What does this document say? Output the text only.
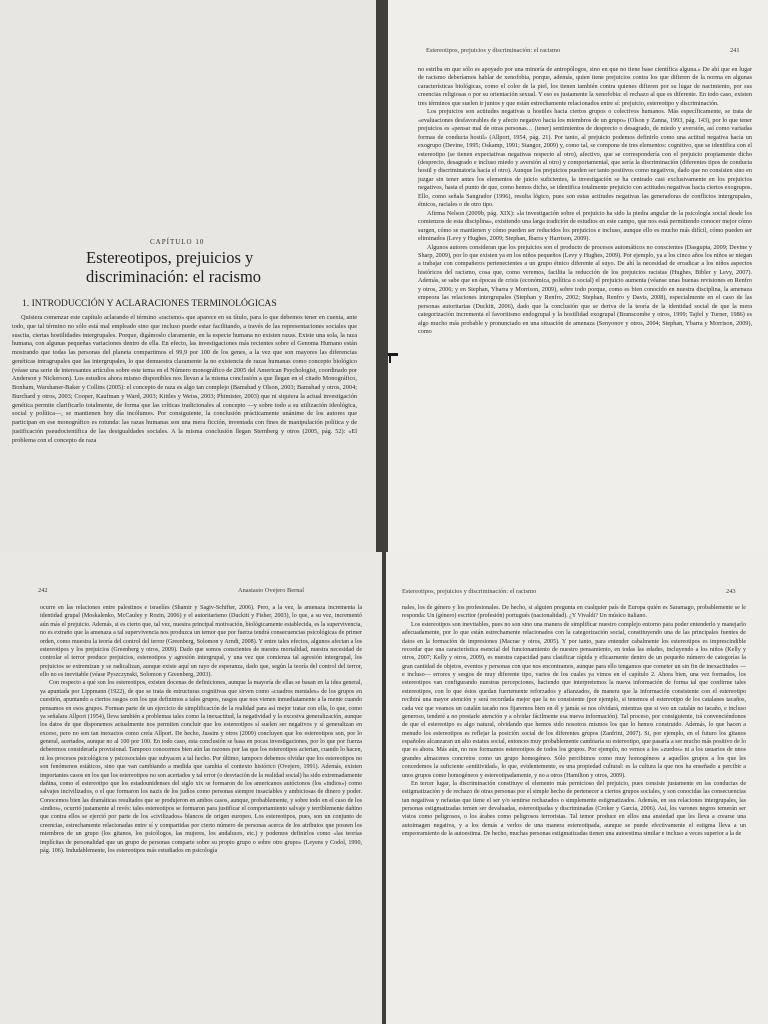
CAPÍTULO 10
Estereotipos, prejuicios y discriminación: el racismo
1. INTRODUCCIÓN Y ACLARACIONES TERMINOLÓGICAS

Quisiera comenzar este capítulo aclarando el término «racismo» que aparece en su título, para lo que debemos tener en cuenta, ante todo, que tal término no sólo está mal empleado sino que incluso puede estar facilitando, a través de las representaciones sociales que suscita, ciertas hostilidades intergrupales. Porque, digámoslo claramente, en la especie humana no existen razas. Existe una sola, la raza humana, con algunas pequeñas variaciones dentro de ella. En efecto, las investigaciones más recientes sobre el Genoma Humano están mostrando que todas las personas del planeta compartimos el 99,9 por 100 de los genes, a la vez que son mayores las diferencias genéticas intragrupales que las intergrupales, lo que demuestra claramente la no existencia de razas humanas como concepto biológico (véase una serie de interesantes artículos sobre este tema en el Número monográfico de 2005 del American Psychologist, coordinado por Anderson y Nickerson). Los estudios ahora mismo disponibles nos llevan a la misma conclusión a que llegan en el citado Monográfico, Bonham, Warshaner-Baker y Collins (2005): el concepto de raza es algo tan complejo (Bamshad y Olson, 2003; Bamshad y otros, 2004; Burchard y otros, 2003; Cooper, Kaufman y Ward, 2003; Kittles y Weiss, 2003; Phimister, 2003) que ni siquiera la actual investigación genética permite clarificarlo totalmente, de forma que las críticas tradicionales al concepto —y sobre todo a su utilización ideológica, social y política—, se mantienen hoy día incólumes. Por consiguiente, la conclusión prácticamente unánime de los autores que participan en ese monográfico es rotunda: las razas humanas son una mera ficción, inventada con fines de manipulación política y de justificación pseudocientífica de las desigualdades sociales. A la misma conclusión llegan Sternberg y otros (2005, pág. 52): «El problema con el concepto de raza

Estereotipos, prejuicios y discriminación: el racismo	241

no estriba en que sólo es apoyado por una minoría de antropólogos, sino en que no tiene base científica alguna.» De ahí que en lugar de racismo deberíamos hablar de xenofobia, porque, además, quien tiene prejuicios contra los que difieren de la norma en algunas características biológicas, como el color de la piel, los tienen también contra quienes difieren por su lugar de nacimiento, por sus creencias religiosas o por su orientación sexual. Y eso es justamente la xenofobia: el rechazo al que es diferente. En todo caso, existen tres términos que suelen ir juntos y que están estrechamente relacionados entre sí: prejuicio, estereotipo y discriminación.

Los prejuicios son actitudes negativas u hostiles hacia ciertos grupos o colectivos humanos. Más específicamente, se trata de «evaluaciones desfavorables de y afecto negativo hacia los miembros de un grupo» (Olson y Zanna, 1993, pág. 143), por lo que tener prejuicios es «pensar mal de otras personas… (tener) sentimientos de desprecio o desagrado, de miedo y aversión, así como variadas formas de conducta hostil» (Allport, 1954, pág. 21). Por tanto, al prejuicio podemos definirlo como una actitud negativa hacia un exogrupo (Devine, 1995; Oskamp, 1991; Stangor, 2009) y, como tal, se compone de tres elementos: cognitivo, que se identifica con el estereotipo (se tienen expectativas negativas respecto al otro), afectivo, que se correspondería con el prejuicio propiamente dicho (desprecio, desagrado e incluso miedo y aversión al otro) y comportamental, que sería la discriminación (diferentes tipos de conducta hostil y discriminatoria hacia el otro). Aunque los prejuicios pueden ser tanto positivos como negativos, dado que no consisten sino en juzgar sin tener antes los elementos de juicio suficientes, la investigación se ha centrado casi exclusivamente en los prejuicios negativos, hasta el punto de que, como hemos dicho, se identifica totalmente prejuicio con actitudes negativas hacia ciertos exogrupos. Ello, como señala Sangrador (1996), resulta lógico, pues son estas actitudes negativas las generadoras de conflictos intergrupales, étnicos, raciales o de otro tipo.

Afirma Nelson (2009b, pág. XIX): «la investigación sobre el prejuicio ha sido la piedra angular de la psicología social desde los comienzos de esta disciplina», existiendo una larga tradición de estudios en este campo, que nos está permitiendo conocer mejor cómo surgen, cómo se mantienen y cómo pueden ser reducidos los prejuicios e incluso, aunque ello es mucho más difícil, cómo pueden ser eliminados (Levy y Hughes, 2009; Stephan, Ibarra y Harrison, 2009).

Algunos autores consideran que los prejuicios son el producto de procesos automáticos no conscientes (Dasgupta, 2009; Devine y Sharp, 2009), por lo que existen ya en los niños pequeños (Levy y Hughes, 2009). Por ejemplo, ya a los cinco años los niños se niegan a trabajar con compañeros pertenecientes a un grupo étnico diferente al suyo. De ahí la necesidad de erradicar a los niños aspectos históricos del racismo, cosa que, como veremos, facilita la reducción de los prejuicios racistas (Hughes, Bibler y Levy, 2007). Además, se sabe que en épocas de crisis (económica, política o social) el prejuicio aumenta (véanse unas buenas revisiones en Renfro y otros, 2006; y en Stephan, Ybarra y Morrison, 2009), sobre todo porque, como es bien conocido en nuestra disciplina, la amenaza empeora las relaciones intergrupales (Stephan y Renfro, 2002; Stephan, Renfro y Davis, 2008), especialmente en el caso de las personas autoritarias (Duckitt, 2006), dado que la conclusión que se deriva de la teoría de la identidad social de que la mera categorización incrementa el favoritismo endogrupal y la hostilidad exogrupal (Branscombe y otros, 1999; Tajfel y Turner, 1986) es algo mucho más probable y pronunciado en una situación de amenaza (Senyonov y otros, 2004; Stephan, Ybarra y Morrison, 2009), como

242	Anastasio Ovejero Bernal

ocurre en las relaciones entre palestinos e israelíes (Shamir y Sagiv-Schifter, 2006). Pero, a la vez, la amenaza incrementa la identidad grupal (Moskalenko, McCauley y Rozin, 2006) y el autoritarismo (Duckitt y Fisher, 2003), lo que, a su vez, incrementó aún más el prejuicio. Además, si es cierto que, tal vez, nuestra principal motivación, biológicamente establecida, es la supervivencia, no es extraño que la amenaza a tal supervivencia nos produzca un temor que por fuerza tendrá consecuencias psicológicas de primer orden, como muestra la teoría del control del terror (Greenberg, Solomon y Arndt, 2008). Y entre tales efectos, algunos afectan a los estereotipos y los prejuicios (Greenberg y otros, 2009). Dado que somos conscientes de nuestra mortalidad, nuestra necesidad de controlar el terror produce prejuicios, estereotipos y agresión intergrupal, y una vez que comienza tal agresión intergrupal, los prejuicios se extremizan y se radicalizan, aunque existe aquí un rayo de esperanza, dado que, según la teoría del control del terror, ello no es inevitable (véase Pyszczynski, Solomon y Greenberg, 2003).

Con respecto a qué son los estereotipos, existen docenas de definiciones, aunque la mayoría de ellas se basan en la idea general, ya apuntada por Lippmann (1922), de que se trata de estructuras cognitivas que sirven como «cuadros mentales» de los grupos en cuestión, apuntando a ciertos rasgos con los que definimos a tales grupos, rasgos que nos vienen inmediatamente a la mente cuando pensamos en esos grupos. Forman parte de un ejercicio de simplificación de la realidad para así mejor tratar con ella, lo que, como ya señalara Allport (1954), lleva también a problemas tales como la inexactitud, la negatividad y la excesiva generalización, aunque los datos de que disponemos actualmente nos permiten concluir que los estereotipos sí suelen ser negativos y sí generalizan en exceso, pero no son tan inexactos como creía Allport. De hecho, Jussim y otros (2009) concluyen que los estereotipos son, por lo general, acertados, aunque no al 100 por 100. En todo caso, esta conclusión se basa en pocas investigaciones, por lo que por fuerza deberemos considerarla provisional. Tampoco conocemos bien aún las razones por las que los estereotipos aciertan, cuando lo hacen, ni los procesos psicológicos y psicosociales que subyacen a tal hecho. Por último, tampoco debemos olvidar que los estereotipos no son fenómenos estáticos, sino que van cambiando a medida que cambia el contexto histórico (Ovejero, 1991). Además, existen importantes casos en los que los estereotipos no son acertados y tal error (o desviación de la realidad social) ha sido extremadamente dañina, como el estereotipo que los estadounidenses del siglo xix se formaron de los americanos autóctonos (los «indios») como salvajes incivilizados, o el que formaron los nazis de los judíos como personas siempre insaciables y ambiciosas de dinero y poder. Conocemos bien las dramáticas resultados que se produjeron en ambos casos, aunque, probablemente, y sobre todo en el caso de los «indios», ocurrió justamente al revés: tales estereotipos se formaron para justificar el comportamiento salvaje y terriblemente dañino que contra ellos se ejerció por parte de los «civilizados» blancos de origen europeo. Los estereotipos, pues, son un conjunto de creencias, estrechamente relacionadas entre sí y compartidas por cierto número de personas acerca de los atributos que poseen los miembros de un grupo (los gitanos, los psicólogos, las mujeres, los andaluces, etc.) y podemos definirlos como «las teorías implícitas de personalidad que un grupo de personas comparte sobre su propio grupo o sobre otro grupo» (Leyens y Codol, 1990, pág. 106). Indudablemente, los estereotipos más estudiados en psicología

Estereotipos, prejuicios y discriminación: el racismo	243

nales, los de género y los profesionales. De hecho, si alguien pregunta en cualquier país de Europa quién es Saramago, probablemente se le responda: Un (género) escritor (profesión) portugués (nacionalidad). ¿Y Vivaldi? Un músico italiano.

Los estereotipos son inevitables, pues no son sino una manera de simplificar nuestro complejo entorno para poder entenderlo y manejarlo adecuadamente, por lo que están estrechamente relacionados con la categorización social, constituyendo una de las principales fuentes de datos en la formación de impresiones (Macrae y otros, 2005). Y por tanto, para entender cabalmente los estereotipos es imprescindible recordar que una característica esencial del funcionamiento de nuestro pensamiento, en todas las edades, incluyendo a los niños (Kelly y otros, 2007; Kelly y otros, 2009), es nuestra capacidad para clasificar rápida y eficazmente dentro de un pequeño número de categorías la gran cantidad de objetos, eventos y personas con que nos encontramos, aunque para ello tengamos que cometer un sin fin de inexactitudes —e incluso— errores y sesgos de muy diferente tipo, varios de los cuales ya vimos en el capítulo 2. Ahora bien, una vez formados, los estereotipos van configurando nuestras percepciones, haciendo que interpretemos la nueva información de forma tal que confirme tales estereotipos, con lo que éstos quedan fuertemente reforzados y afianzados, de manera que la información consistente con el estereotipo recibirá una mayor atención y será recordada mejor que la no consistente (por ejemplo, si tenemos el estereotipo de los catalanes tacaños, cada vez que veamos un catalán tacaño nos fijaremos bien en él y jamás se nos olvidará, mientras que si veo un catalán no tacaño, e incluso generoso, tenderé a no prestarle atención y a olvidar fácilmente esa nueva información). Tal proceso, por consiguiente, irá convenciéndonos de que el estereotipo es algo natural, olvidando que hemos sido nosotros mismos los que lo hemos construido. Además, lo que hacen a menudo los estereotipos es reflejar la posición social de los diferentes grupos (Zanfrini, 2007). Si, por ejemplo, en el futuro los gitanos españoles alcanzaran un alto estatus social, entonces muy probablemente cambiaría su estereotipo, que pasaría a ser mucho más positivo de lo que es ahora. Más aún, no nos formamos estereotipos de todos los grupos. Por ejemplo, no vemos a los «zurdos» ni a los usuarios de unos grandes almacenes concretos como un grupo homogéneo. Sólo percibimos como muy homogéneos a aquellos grupos a los que les concedemos la suficiente «entitividad», lo que, evidentemente, es una propiedad cultural: es la cultura la que nos ha enseñado a percibir a unos grupos como homogéneos y estereotipadamente, y no a otros (Hamilton y otros, 2009).

En tercer lugar, la discriminación constituye el elemento más pernicioso del prejuicio, pues consiste justamente en las conductas de estigmatización y de rechazo de otras personas por el simple hecho de pertenecer a ciertos grupos sociales, y son conocidas las consecuencias tan negativas y nefastas que tiene el ser y/o sentirse rechazados o simplemente estigmatizados. Además, en sus relaciones intergrupales, las personas estigmatizadas temen ser devaluadas, estereotipadas y discriminadas (Croker y García, 2006). Así, los varones negros temerán ser vistos como peligrosos, o los árabes como peligrosos terroristas. Tal temor produce en ellos una ansiedad que les lleva a crearse una autoimagen negativa, y a los demás a verlos de una manera estereotipada, aunque se puede efectivamente el estigma lleva a un empeoramiento de la autoestima. De hecho, muchas personas estigmatizadas tienen una autoestima similar e incluso a veces superior a la de
